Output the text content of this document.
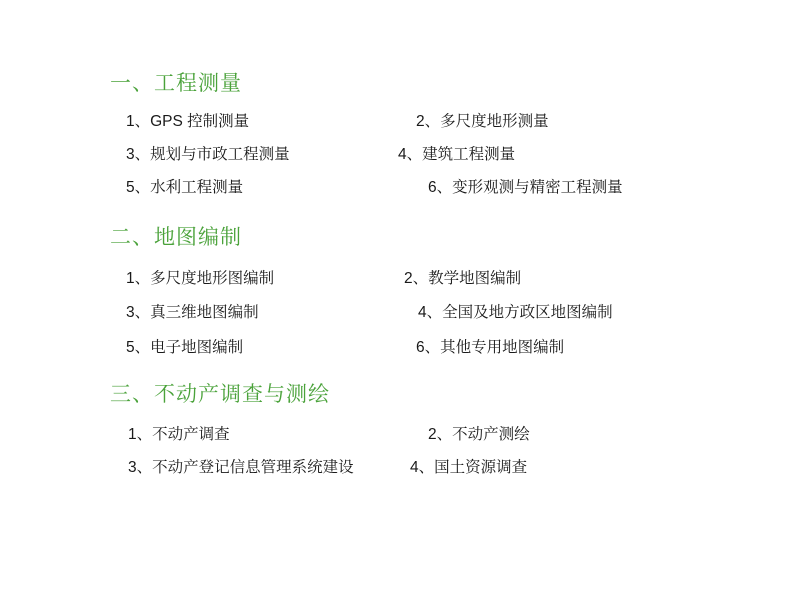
一、工程测量
1、GPS 控制测量	2、多尺度地形测量
3、规划与市政工程测量	4、建筑工程测量
5、水利工程测量	6、变形观测与精密工程测量
二、地图编制
1、多尺度地形图编制	2、教学地图编制
3、真三维地图编制	4、全国及地方政区地图编制
5、电子地图编制	6、其他专用地图编制
三、不动产调查与测绘
1、不动产调查	2、不动产测绘
3、不动产登记信息管理系统建设	4、国土资源调查
